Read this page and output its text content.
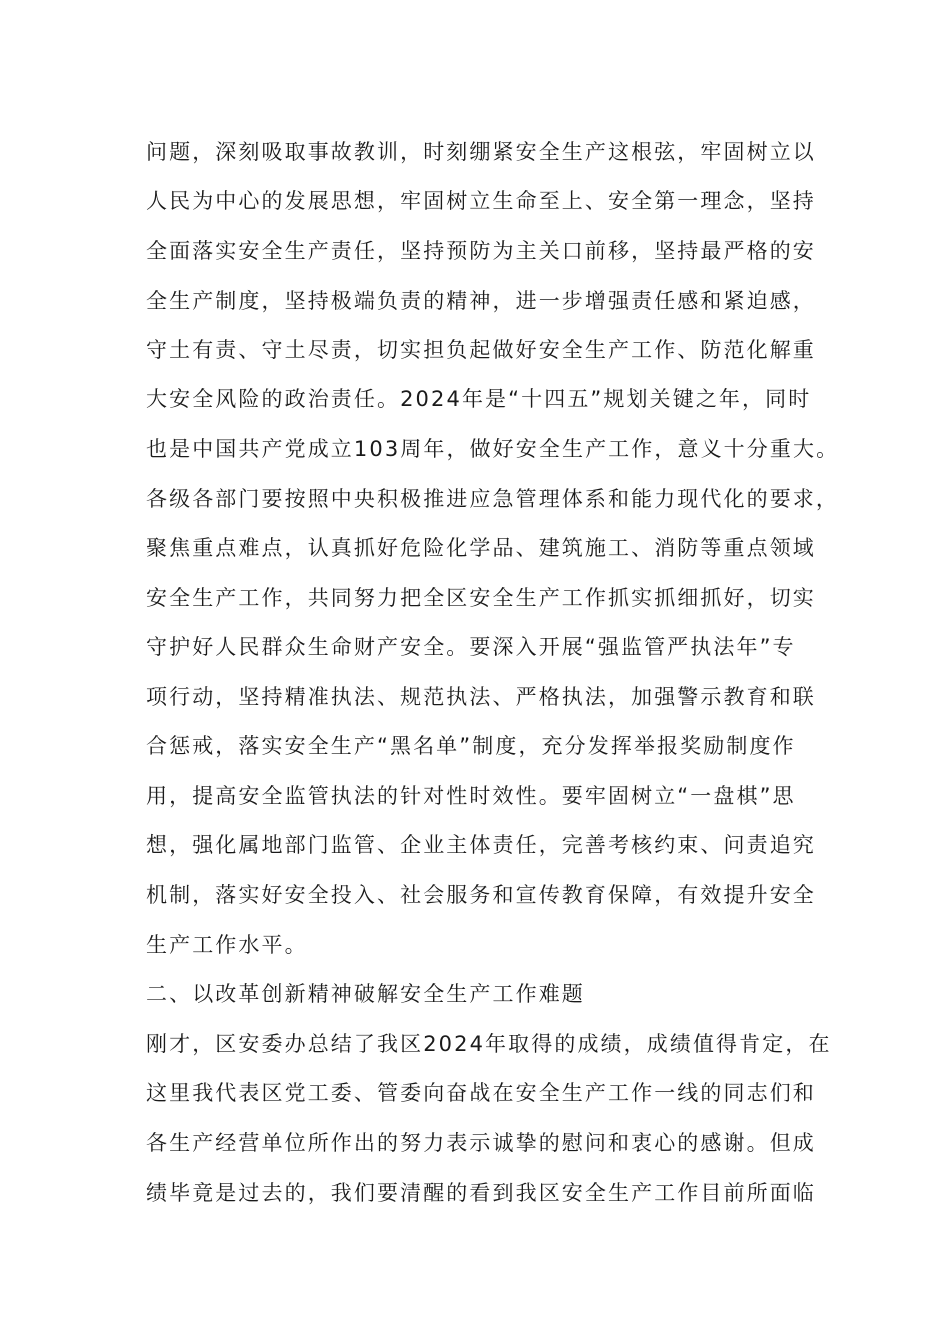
问题，深刻吸取事故教训，时刻绷紧安全生产这根弦，牢固树立以
人民为中心的发展思想，牢固树立生命至上、安全第一理念，坚持
全面落实安全生产责任，坚持预防为主关口前移，坚持最严格的安
全生产制度，坚持极端负责的精神，进一步增强责任感和紧迫感，
守土有责、守土尽责，切实担负起做好安全生产工作、防范化解重
大安全风险的政治责任。2024年是“十四五”规划关键之年，同时
也是中国共产党成立103周年，做好安全生产工作，意义十分重大。
各级各部门要按照中央积极推进应急管理体系和能力现代化的要求，
聚焦重点难点，认真抓好危险化学品、建筑施工、消防等重点领域
安全生产工作，共同努力把全区安全生产工作抓实抓细抓好，切实
守护好人民群众生命财产安全。要深入开展“强监管严执法年”专
项行动，坚持精准执法、规范执法、严格执法，加强警示教育和联
合惩戒，落实安全生产“黑名单”制度，充分发挥举报奖励制度作
用，提高安全监管执法的针对性时效性。要牢固树立“一盘棋”思
想，强化属地部门监管、企业主体责任，完善考核约束、问责追究
机制，落实好安全投入、社会服务和宣传教育保障，有效提升安全
生产工作水平。
二、以改革创新精神破解安全生产工作难题
刚才，区安委办总结了我区2024年取得的成绩，成绩值得肯定，在
这里我代表区党工委、管委向奋战在安全生产工作一线的同志们和
各生产经营单位所作出的努力表示诚挚的慰问和衷心的感谢。但成
绩毕竟是过去的，我们要清醒的看到我区安全生产工作目前所面临
